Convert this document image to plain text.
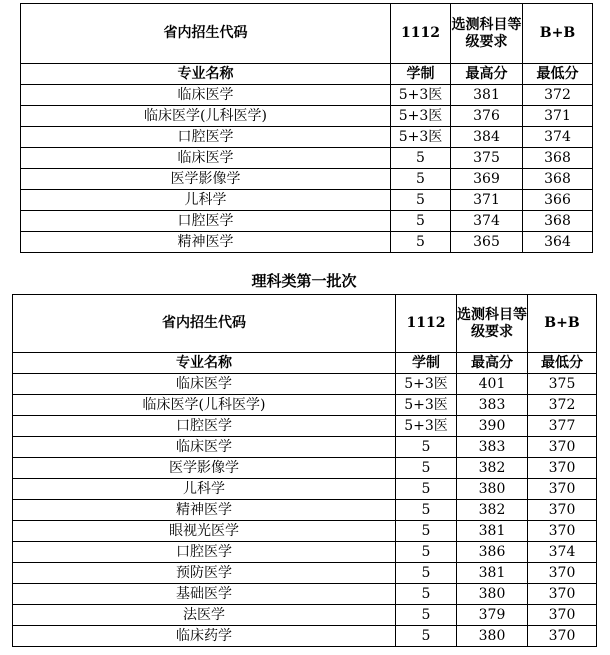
省内招生代码	1112	选测科目等级要求	B+B
专业名称	学制	最高分	最低分
临床医学	5+3医	381	372
临床医学(儿科医学)	5+3医	376	371
口腔医学	5+3医	384	374
临床医学	5	375	368
医学影像学	5	369	368
儿科学	5	371	366
口腔医学	5	374	368
精神医学	5	365	364
理科类第一批次
省内招生代码	1112	选测科目等级要求	B+B
专业名称	学制	最高分	最低分
临床医学	5+3医	401	375
临床医学(儿科医学)	5+3医	383	372
口腔医学	5+3医	390	377
临床医学	5	383	370
医学影像学	5	382	370
儿科学	5	380	370
精神医学	5	382	370
眼视光医学	5	381	370
口腔医学	5	386	374
预防医学	5	381	370
基础医学	5	380	370
法医学	5	379	370
临床药学	5	380	370
